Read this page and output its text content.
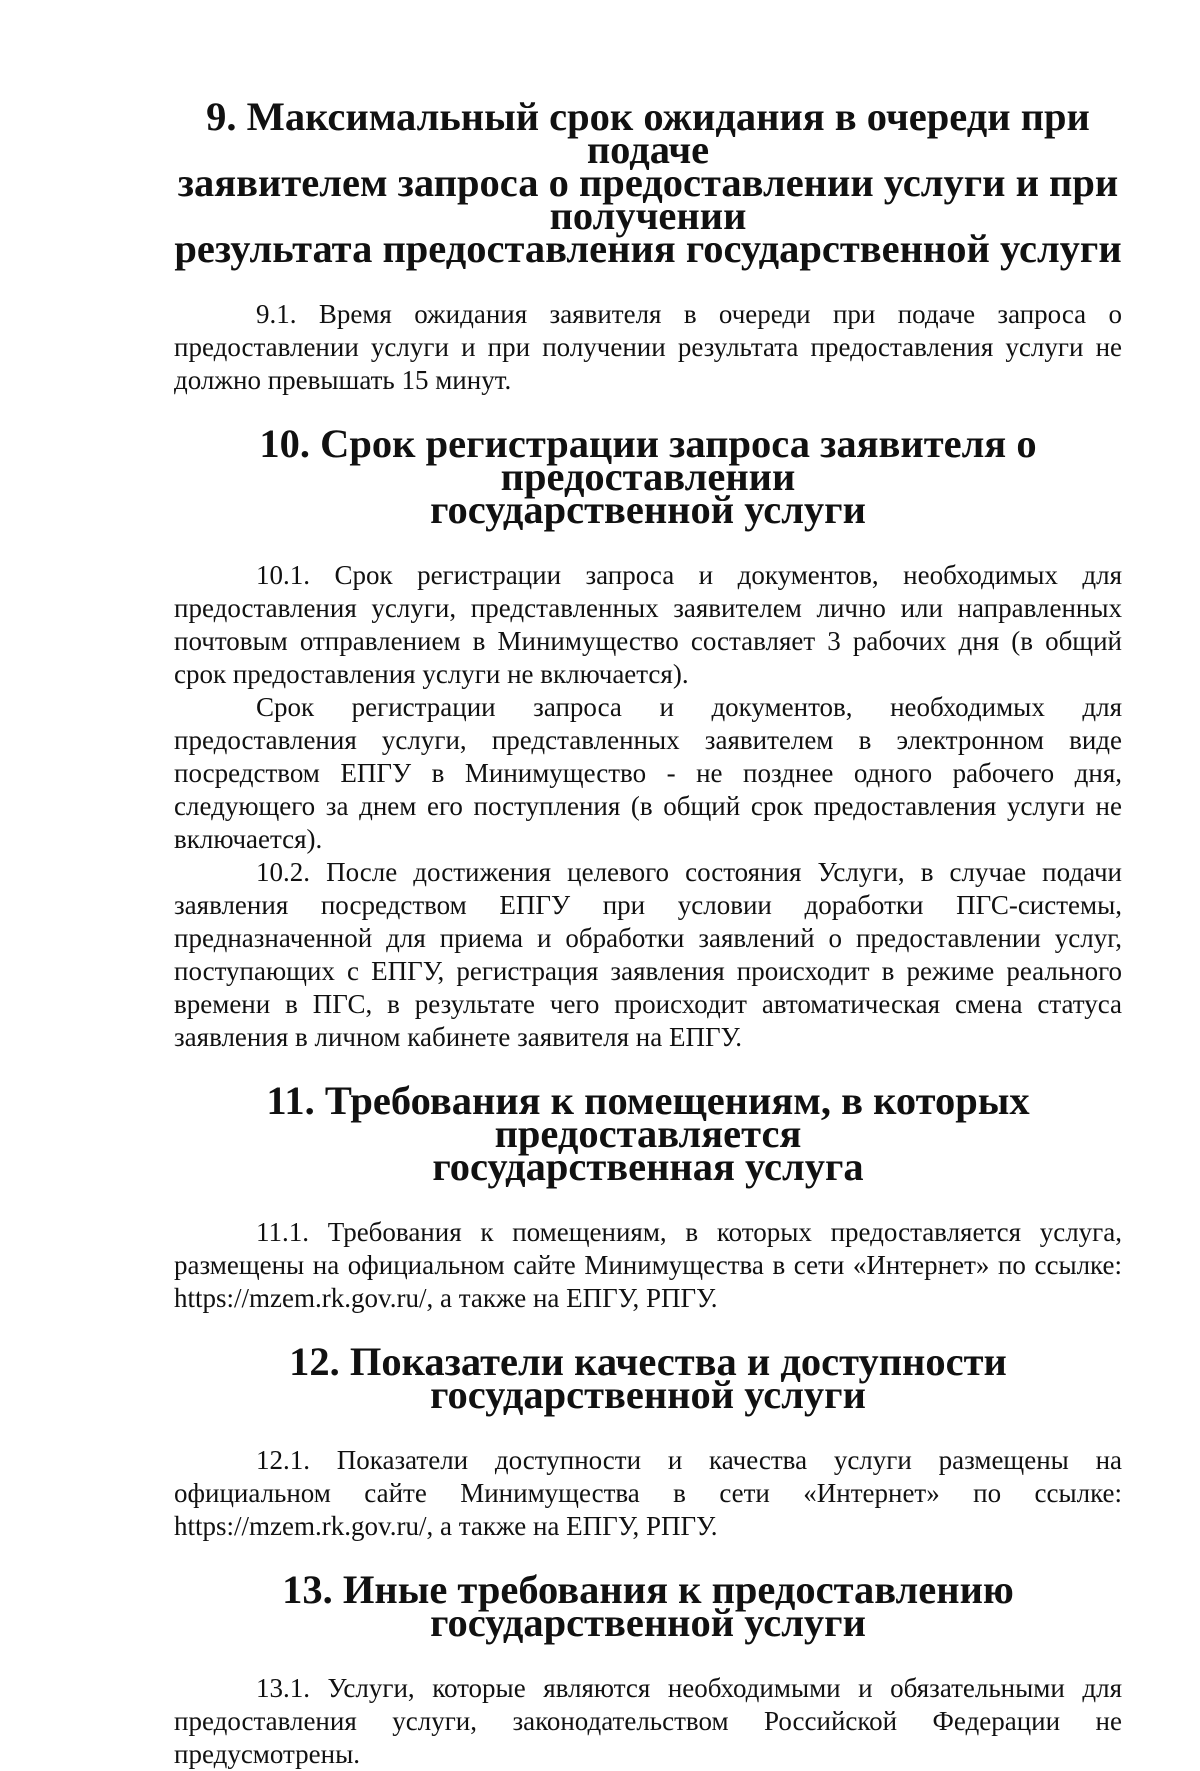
9. Максимальный срок ожидания в очереди при подаче
заявителем запроса о предоставлении услуги и при получении
результата предоставления государственной услуги

9.1. Время ожидания заявителя в очереди при подаче запроса о предоставлении услуги и при получении результата предоставления услуги не должно превышать 15 минут.

10. Срок регистрации запроса заявителя о предоставлении
государственной услуги

10.1. Срок регистрации запроса и документов, необходимых для предоставления услуги, представленных заявителем лично или направленных почтовым отправлением в Минимущество составляет 3 рабочих дня (в общий срок предоставления услуги не включается).

Срок регистрации запроса и документов, необходимых для предоставления услуги, представленных заявителем в электронном виде посредством ЕПГУ в Минимущество - не позднее одного рабочего дня, следующего за днем его поступления (в общий срок предоставления услуги не включается).

10.2. После достижения целевого состояния Услуги, в случае подачи заявления посредством ЕПГУ при условии доработки ПГС-системы, предназначенной для приема и обработки заявлений о предоставлении услуг, поступающих с ЕПГУ, регистрация заявления происходит в режиме реального времени в ПГС, в результате чего происходит автоматическая смена статуса заявления в личном кабинете заявителя на ЕПГУ.

11. Требования к помещениям, в которых предоставляется
государственная услуга

11.1. Требования к помещениям, в которых предоставляется услуга, размещены на официальном сайте Минимущества в сети «Интернет» по ссылке: https://mzem.rk.gov.ru/, а также на ЕПГУ, РПГУ.

12. Показатели качества и доступности государственной услуги

12.1. Показатели доступности и качества услуги размещены на официальном сайте Минимущества в сети «Интернет» по ссылке: https://mzem.rk.gov.ru/, а также на ЕПГУ, РПГУ.

13. Иные требования к предоставлению государственной услуги

13.1. Услуги, которые являются необходимыми и обязательными для предоставления услуги, законодательством Российской Федерации не предусмотрены.
